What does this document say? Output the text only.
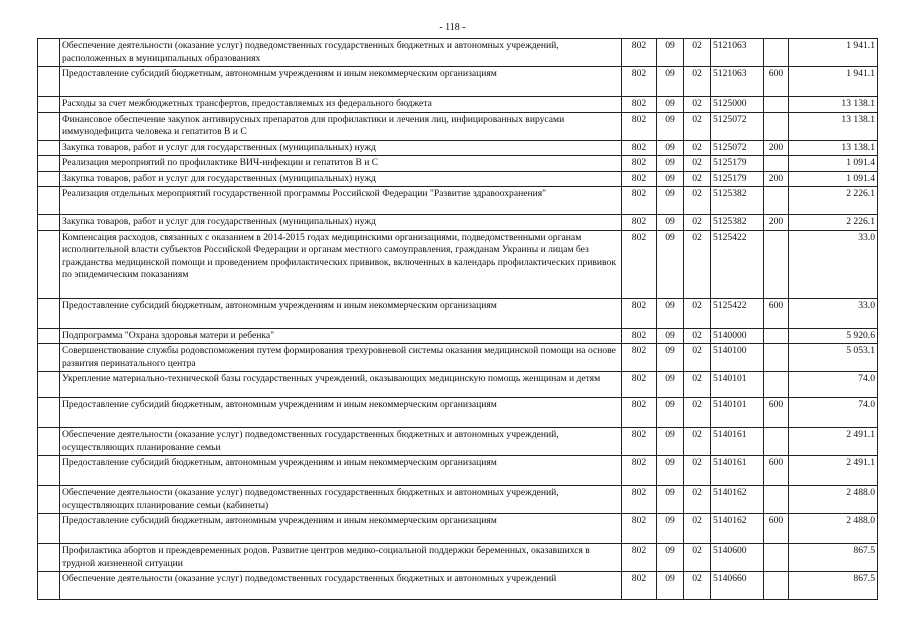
- 118 -
	Обеспечение деятельности (оказание услуг) подведомственных государственных бюджетных и автономных учреждений, расположенных в муниципальных образованиях	802	09	02	5121063		1 941.1
	Предоставление субсидий бюджетным, автономным учреждениям и иным некоммерческим организациям	802	09	02	5121063	600	1 941.1
	Расходы за счет межбюджетных трансфертов, предоставляемых из федерального бюджета	802	09	02	5125000		13 138.1
	Финансовое обеспечение закупок антивирусных препаратов для профилактики и лечения лиц, инфицированных вирусами иммунодефицита человека и гепатитов В и С	802	09	02	5125072		13 138.1
	Закупка товаров, работ и услуг для государственных (муниципальных) нужд	802	09	02	5125072	200	13 138.1
	Реализация мероприятий по профилактике ВИЧ-инфекции и гепатитов В и С	802	09	02	5125179		1 091.4
	Закупка товаров, работ и услуг для государственных (муниципальных) нужд	802	09	02	5125179	200	1 091.4
	Реализация отдельных мероприятий государственной программы Российской Федерации "Развитие здравоохранения"	802	09	02	5125382		2 226.1
	Закупка товаров, работ и услуг для государственных (муниципальных) нужд	802	09	02	5125382	200	2 226.1
	Компенсация расходов, связанных с оказанием в 2014-2015 годах медицинскими организациями, подведомственными органам исполнительной власти субъектов Российской Федерации и органам местного самоуправления, гражданам Украины и лицам без гражданства медицинской помощи и проведением профилактических прививок, включенных в календарь профилактических прививок по эпидемическим показаниям	802	09	02	5125422		33.0
	Предоставление субсидий бюджетным, автономным учреждениям и иным некоммерческим организациям	802	09	02	5125422	600	33.0
	Подпрограмма "Охрана здоровья матери и ребенка"	802	09	02	5140000		5 920.6
	Совершенствование службы родовспоможения путем формирования трехуровневой системы оказания медицинской помощи на основе развития перинатального центра	802	09	02	5140100		5 053.1
	Укрепление материально-технической базы государственных учреждений, оказывающих медицинскую помощь женщинам и детям	802	09	02	5140101		74.0
	Предоставление субсидий бюджетным, автономным учреждениям и иным некоммерческим организациям	802	09	02	5140101	600	74.0
	Обеспечение деятельности (оказание услуг) подведомственных государственных бюджетных и автономных учреждений, осуществляющих планирование семьи	802	09	02	5140161		2 491.1
	Предоставление субсидий бюджетным, автономным учреждениям и иным некоммерческим организациям	802	09	02	5140161	600	2 491.1
	Обеспечение деятельности (оказание услуг) подведомственных государственных бюджетных и автономных учреждений, осуществляющих планирование семьи (кабинеты)	802	09	02	5140162		2 488.0
	Предоставление субсидий бюджетным, автономным учреждениям и иным некоммерческим организациям	802	09	02	5140162	600	2 488.0
	Профилактика абортов и преждевременных родов. Развитие центров медико-социальной поддержки беременных, оказавшихся в трудной жизненной ситуации	802	09	02	5140600		867.5
	Обеспечение деятельности (оказание услуг) подведомственных государственных бюджетных и автономных учреждений	802	09	02	5140660		867.5
